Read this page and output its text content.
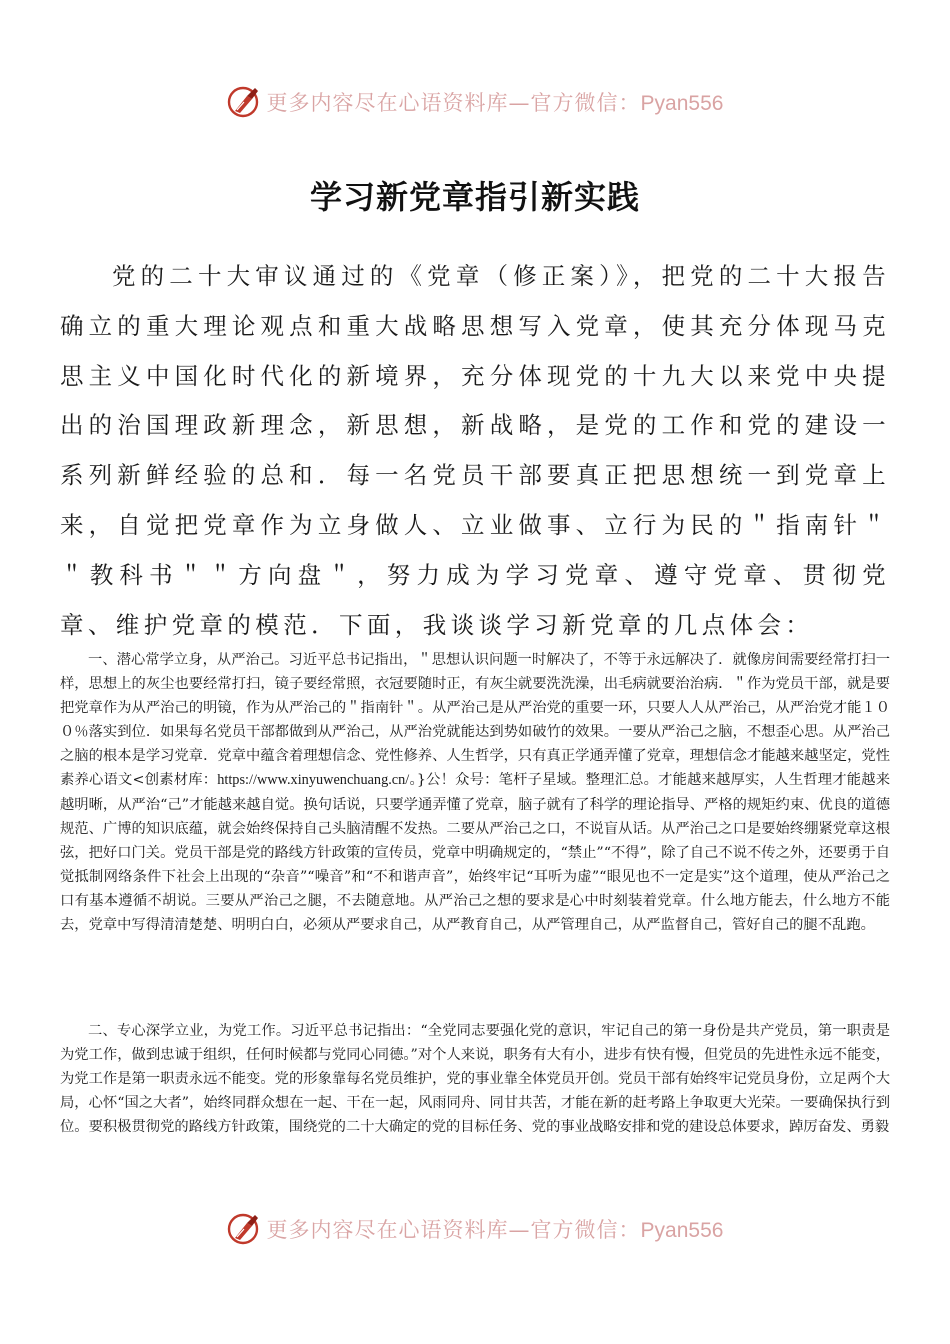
更多内容尽在心语资料库—官方微信：Pyan556
学习新党章指引新实践

党的二十大审议通过的《党章（修正案）》，把党的二十大报告确立的重大理论观点和重大战略思想写入党章，使其充分体现马克思主义中国化时代化的新境界，充分体现党的十九大以来党中央提出的治国理政新理念，新思想，新战略，是党的工作和党的建设一系列新鲜经验的总和．每一名党员干部要真正把思想统一到党章上来，自觉把党章作为立身做人、立业做事、立行为民的＂指南针＂＂教科书＂＂方向盘＂，努力成为学习党章、遵守党章、贯彻党章、维护党章的模范．下面，我谈谈学习新党章的几点体会：

一、潜心常学立身，从严治己。习近平总书记指出，＂思想认识问题一时解决了，不等于永远解决了．就像房间需要经常打扫一样，思想上的灰尘也要经常打扫，镜子要经常照，衣冠要随时正，有灰尘就要洗洗澡，出毛病就要治治病．＂作为党员干部，就是要把党章作为从严治己的明镜，作为从严治己的＂指南针＂。从严治己是从严治党的重要一环，只要人人从严治己，从严治党才能１００％落实到位．如果每名党员干部都做到从严治己，从严治党就能达到势如破竹的效果。一要从严治己之脑，不想歪心思。从严治己之脑的根本是学习党章．党章中蕴含着理想信念、党性修养、人生哲学，只有真正学通弄懂了党章，理想信念才能越来越坚定，党性素养心语文<创素材库：https://www.xinyuwenchuang.cn/。}公！众号：笔杆子星域。整理汇总。才能越来越厚实，人生哲理才能越来越明晰，从严治“己”才能越来越自觉。换句话说，只要学通弄懂了党章，脑子就有了科学的理论指导、严格的规矩约束、优良的道德规范、广博的知识底蕴，就会始终保持自己头脑清醒不发热。二要从严治己之口，不说盲从话。从严治己之口是要始终绷紧党章这根弦，把好口门关。党员干部是党的路线方针政策的宣传员，党章中明确规定的，“禁止”“不得”，除了自己不说不传之外，还要勇于自觉抵制网络条件下社会上出现的“杂音”“噪音”和“不和谐声音”，始终牢记“耳听为虚”“眼见也不一定是实”这个道理，使从严治己之口有基本遵循不胡说。三要从严治己之腿，不去随意地。从严治己之想的要求是心中时刻装着党章。什么地方能去，什么地方不能去，党章中写得清清楚楚、明明白白，必须从严要求自己，从严教育自己，从严管理自己，从严监督自己，管好自己的腿不乱跑。

二、专心深学立业，为党工作。习近平总书记指出：“全党同志要强化党的意识，牢记自己的第一身份是共产党员，第一职责是为党工作，做到忠诚于组织，任何时候都与党同心同德。”对个人来说，职务有大有小，进步有快有慢，但党员的先进性永远不能变，为党工作是第一职责永远不能变。党的形象靠每名党员维护，党的事业靠全体党员开创。党员干部有始终牢记党员身份，立足两个大局，心怀“国之大者”，始终同群众想在一起、干在一起，风雨同舟、同甘共苦，才能在新的赶考路上争取更大光荣。一要确保执行到位。要积极贯彻党的路线方针政策，围绕党的二十大确定的党的目标任务、党的事业战略安排和党的建设总体要求，踔厉奋发、勇毅

更多内容尽在心语资料库—官方微信：Pyan556
